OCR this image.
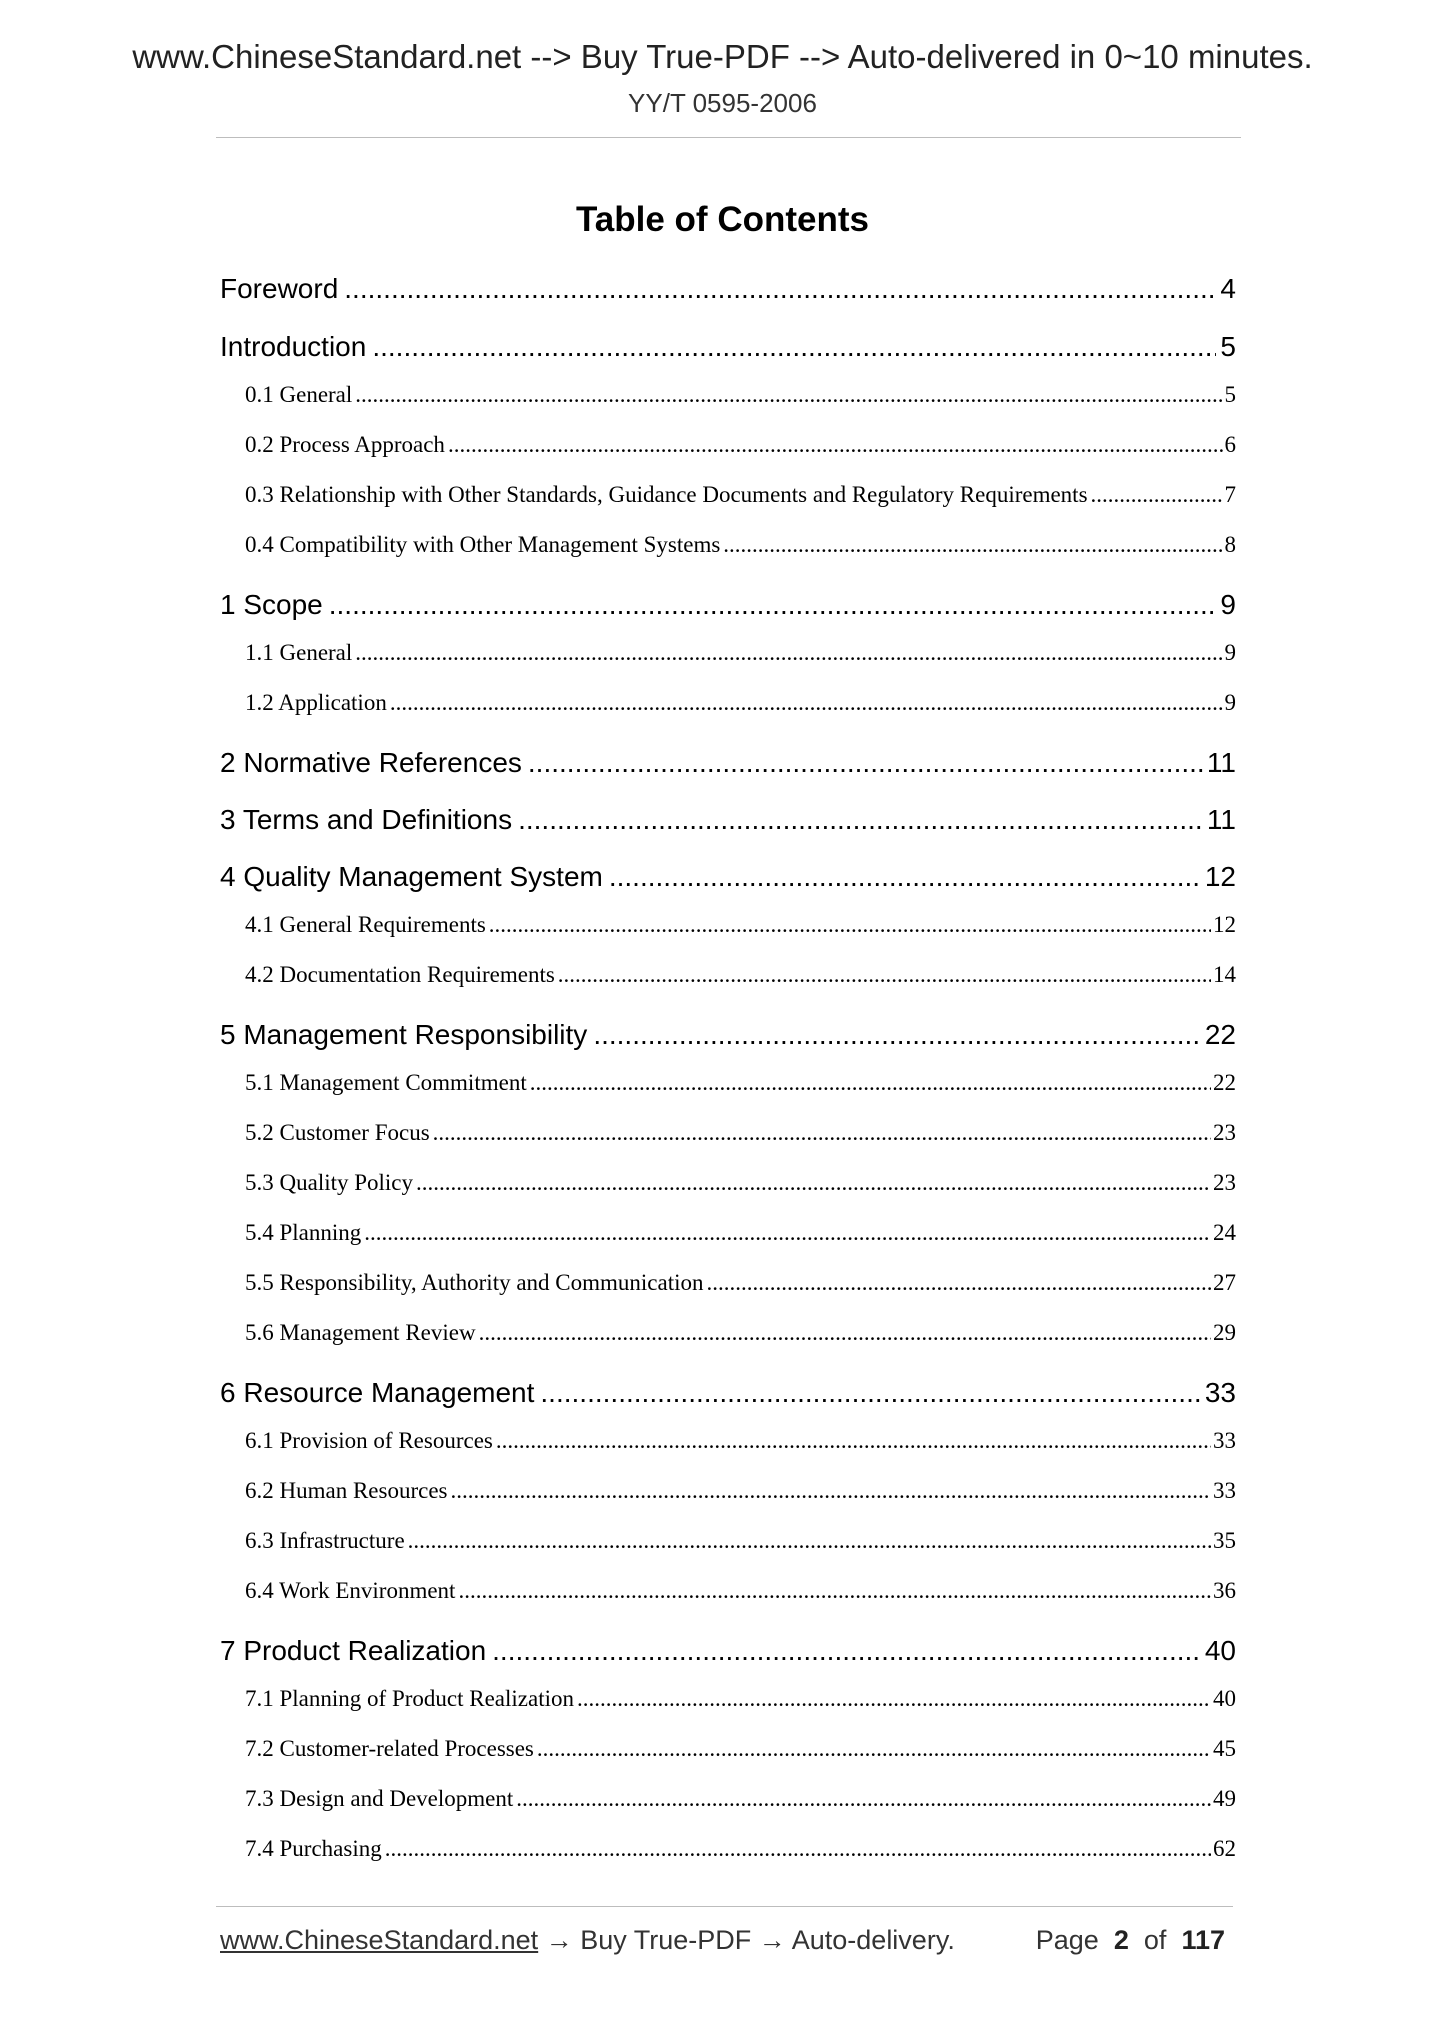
www.ChineseStandard.net --> Buy True-PDF --> Auto-delivered in 0~10 minutes.
YY/T 0595-2006
Table of Contents
Foreword .....	4
Introduction .....	5
0.1 General .....	5
0.2 Process Approach .....	6
0.3 Relationship with Other Standards, Guidance Documents and Regulatory Requirements .....	7
0.4 Compatibility with Other Management Systems .....	8
1 Scope .....	9
1.1 General .....	9
1.2 Application .....	9
2 Normative References .....	11
3 Terms and Definitions .....	11
4 Quality Management System .....	12
4.1 General Requirements .....	12
4.2 Documentation Requirements .....	14
5 Management Responsibility .....	22
5.1 Management Commitment .....	22
5.2 Customer Focus .....	23
5.3 Quality Policy .....	23
5.4 Planning .....	24
5.5 Responsibility, Authority and Communication .....	27
5.6 Management Review .....	29
6 Resource Management .....	33
6.1 Provision of Resources .....	33
6.2 Human Resources .....	33
6.3 Infrastructure .....	35
6.4 Work Environment .....	36
7 Product Realization .....	40
7.1 Planning of Product Realization .....	40
7.2 Customer-related Processes .....	45
7.3 Design and Development .....	49
7.4 Purchasing .....	62
www.ChineseStandard.net → Buy True-PDF → Auto-delivery.	Page 2 of 117
